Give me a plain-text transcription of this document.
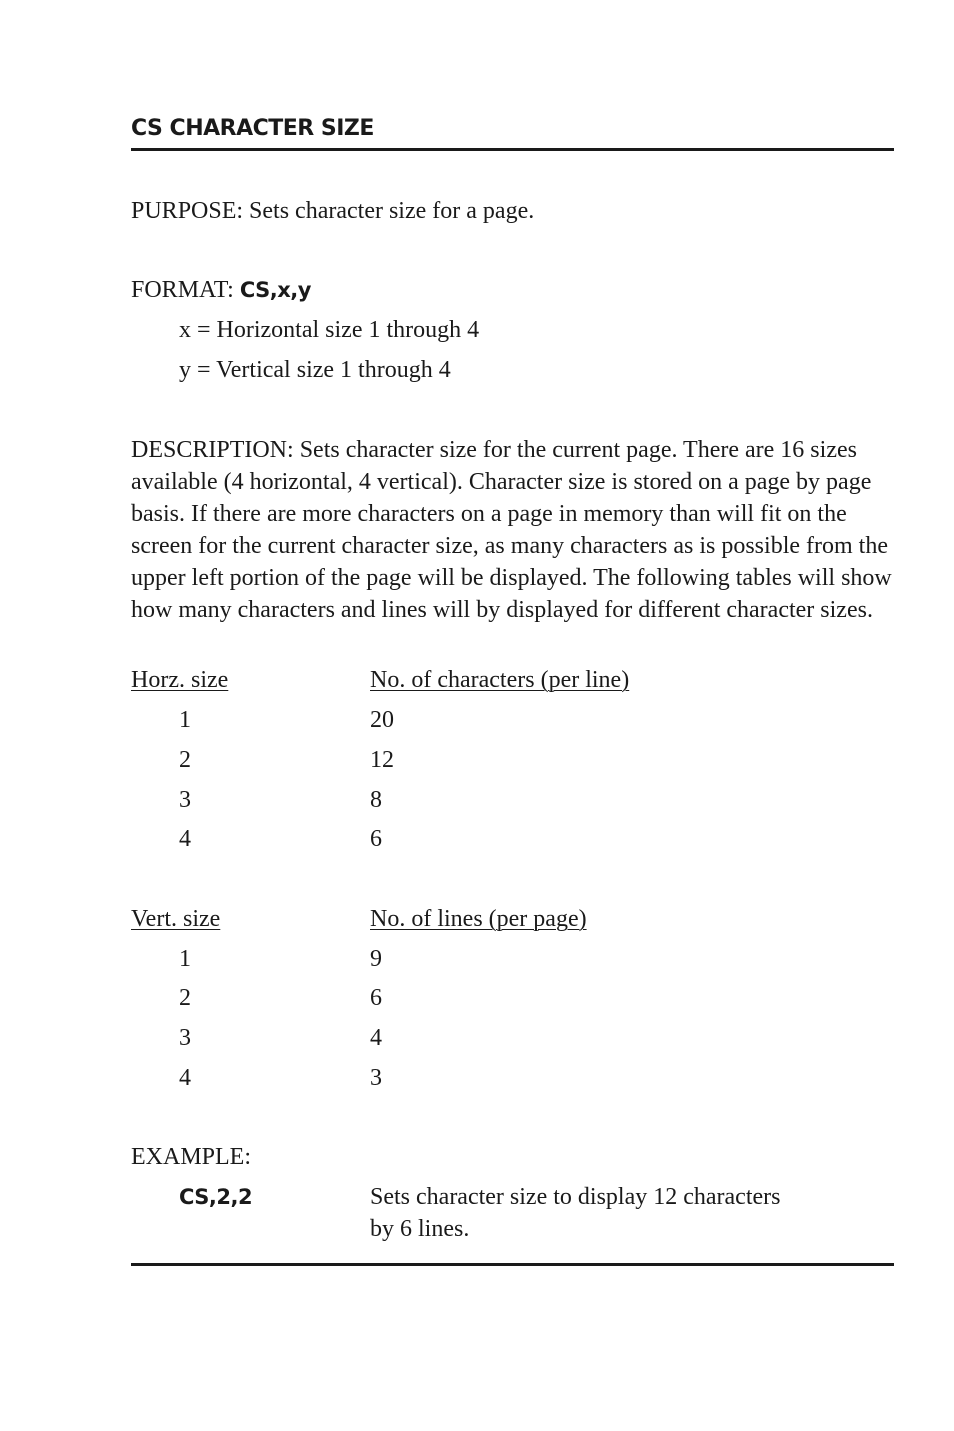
CS CHARACTER SIZE
PURPOSE: Sets character size for a page.
FORMAT: CS,x,y
x = Horizontal size 1 through 4
y = Vertical size 1 through 4
DESCRIPTION: Sets character size for the current page. There are 16 sizes available (4 horizontal, 4 vertical). Character size is stored on a page by page basis. If there are more characters on a page in memory than will fit on the screen for the current character size, as many characters as is possible from the upper left portion of the page will be displayed. The following tables will show how many characters and lines will by displayed for different character sizes.
Horz. size	No. of characters (per line)
1	20
2	12
3	8
4	6
Vert. size	No. of lines (per page)
1	9
2	6
3	4
4	3
EXAMPLE:
CS,2,2	Sets character size to display 12 characters
by 6 lines.
